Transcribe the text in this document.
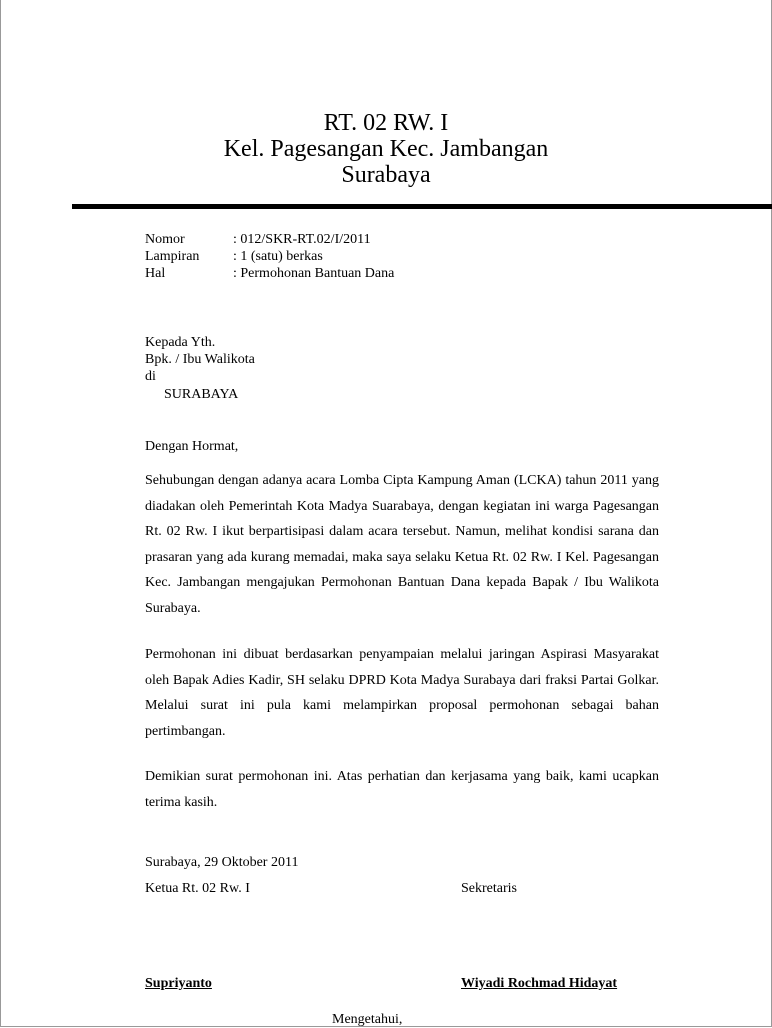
RT. 02 RW. I
Kel. Pagesangan Kec. Jambangan
Surabaya
Nomor	: 012/SKR-RT.02/I/2011
Lampiran : 1 (satu) berkas
Hal	: Permohonan Bantuan Dana
Kepada Yth.
Bpk. / Ibu Walikota
di
SURABAYA
Dengan Hormat,
Sehubungan dengan adanya acara Lomba Cipta Kampung Aman (LCKA) tahun 2011 yang diadakan oleh Pemerintah Kota Madya Suarabaya, dengan kegiatan ini warga Pagesangan Rt. 02 Rw. I ikut berpartisipasi dalam acara tersebut. Namun, melihat kondisi sarana dan prasaran yang ada kurang memadai, maka saya selaku Ketua Rt. 02 Rw. I Kel. Pagesangan Kec. Jambangan mengajukan Permohonan Bantuan Dana kepada Bapak / Ibu Walikota Surabaya.
Permohonan ini dibuat berdasarkan penyampaian melalui jaringan Aspirasi Masyarakat oleh Bapak Adies Kadir, SH selaku DPRD Kota Madya Surabaya dari fraksi Partai Golkar. Melalui surat ini pula kami melampirkan proposal permohonan sebagai bahan pertimbangan.
Demikian surat permohonan ini. Atas perhatian dan kerjasama yang baik, kami ucapkan terima kasih.
Surabaya, 29 Oktober 2011
Ketua Rt. 02 Rw. I	Sekretaris
Supriyanto	Wiyadi Rochmad Hidayat
Mengetahui,
